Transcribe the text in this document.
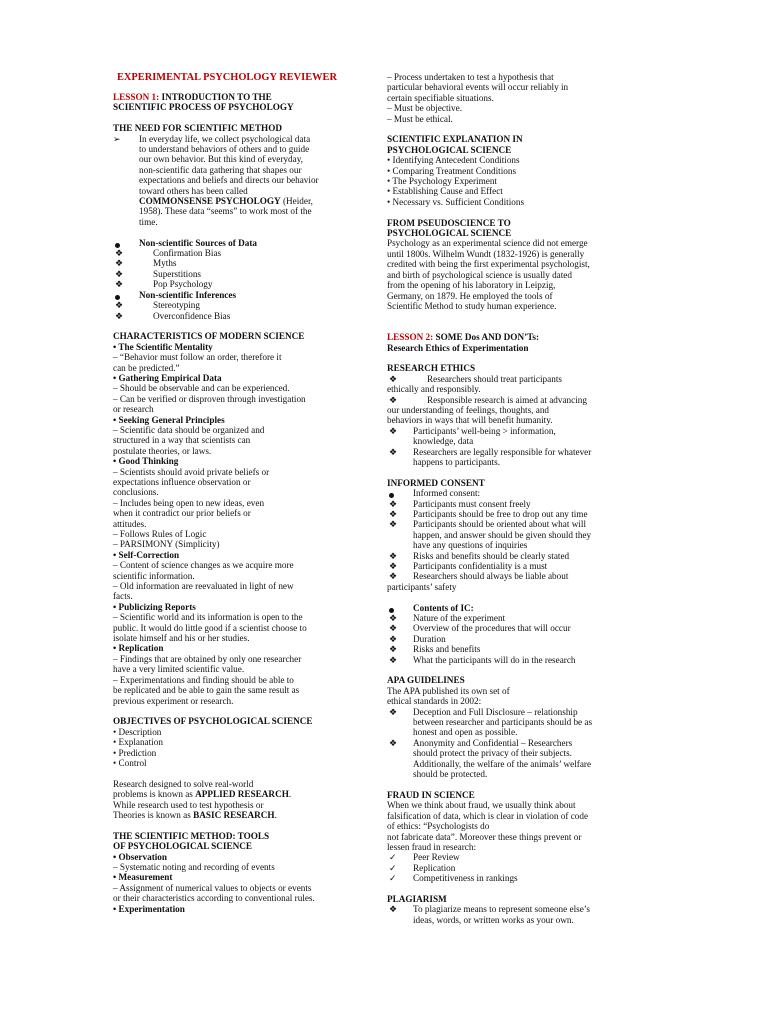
EXPERIMENTAL PSYCHOLOGY REVIEWER
LESSON 1: INTRODUCTION TO THE
SCIENTIFIC PROCESS OF PSYCHOLOGY
THE NEED FOR SCIENTIFIC METHOD
➢	In everyday life, we collect psychological data
to understand behaviors of others and to guide
our own behavior. But this kind of everyday,
non-scientific data gathering that shapes our
expectations and beliefs and directs our behavior
toward others has been called
COMMONSENSE PSYCHOLOGY (Heider,
1958). These data “seems” to work most of the
time.
Non-scientific Sources of Data
❖	Confirmation Bias
❖	Myths
❖	Superstitions
❖	Pop Psychology
Non-scientific Inferences
❖	Stereotyping
❖	Overconfidence Bias
CHARACTERISTICS OF MODERN SCIENCE
• The Scientific Mentality
– “Behavior must follow an order, therefore it
can be predicted.”
• Gathering Empirical Data
– Should be observable and can be experienced.
– Can be verified or disproven through investigation
or research
• Seeking General Principles
– Scientific data should be organized and
structured in a way that scientists can
postulate theories, or laws.
• Good Thinking
– Scientists should avoid private beliefs or
expectations influence observation or
conclusions.
– Includes being open to new ideas, even
when it contradict our prior beliefs or
attitudes.
– Follows Rules of Logic
– PARSIMONY (Simplicity)
• Self-Correction
– Content of science changes as we acquire more
scientific information.
– Old information are reevaluated in light of new
facts.
• Publicizing Reports
– Scientific world and its information is open to the
public. It would do little good if a scientist choose to
isolate himself and his or her studies.
• Replication
– Findings that are obtained by only one researcher
have a very limited scientific value.
– Experimentations and finding should be able to
be replicated and be able to gain the same result as
previous experiment or research.
OBJECTIVES OF PSYCHOLOGICAL SCIENCE
• Description
• Explanation
• Prediction
• Control
Research designed to solve real-world
problems is known as APPLIED RESEARCH.
While research used to test hypothesis or
Theories is known as BASIC RESEARCH.
THE SCIENTIFIC METHOD: TOOLS
OF PSYCHOLOGICAL SCIENCE
• Observation
– Systematic noting and recording of events
• Measurement
– Assignment of numerical values to objects or events
or their characteristics according to conventional rules.
• Experimentation
– Process undertaken to test a hypothesis that
particular behavioral events will occur reliably in
certain specifiable situations.
– Must be objective.
– Must be ethical.
SCIENTIFIC EXPLANATION IN
PSYCHOLOGICAL SCIENCE
• Identifying Antecedent Conditions
• Comparing Treatment Conditions
• The Psychology Experiment
• Establishing Cause and Effect
• Necessary vs. Sufficient Conditions
FROM PSEUDOSCIENCE TO
PSYCHOLOGICAL SCIENCE
Psychology as an experimental science did not emerge
until 1800s. Wilhelm Wundt (1832-1926) is generally
credited with being the first experimental psychologist,
and birth of psychological science is usually dated
from the opening of his laboratory in Leipzig,
Germany, on 1879. He employed the tools of
Scientific Method to study human experience.
LESSON 2: SOME Dos AND DON’Ts:
Research Ethics of Experimentation
RESEARCH ETHICS
❖	Researchers should treat participants
ethically and responsibly.
❖	Responsible research is aimed at advancing
our understanding of feelings, thoughts, and
behaviors in ways that will benefit humanity.
❖	Participants’ well-being > information,
knowledge, data
❖	Researchers are legally responsible for whatever
happens to participants.
INFORMED CONSENT
Informed consent:
❖	Participants must consent freely
❖	Participants should be free to drop out any time
❖	Participants should be oriented about what will
happen, and answer should be given should they
have any questions of inquiries
❖	Risks and benefits should be clearly stated
❖	Participants confidentiality is a must
❖	Researchers should always be liable about
participants’ safety
Contents of IC:
❖	Nature of the experiment
❖	Overview of the procedures that will occur
❖	Duration
❖	Risks and benefits
❖	What the participants will do in the research
APA GUIDELINES
The APA published its own set of
ethical standards in 2002:
❖	Deception and Full Disclosure – relationship
between researcher and participants should be as
honest and open as possible.
❖	Anonymity and Confidential – Researchers
should protect the privacy of their subjects.
Additionally, the welfare of the animals’ welfare
should be protected.
FRAUD IN SCIENCE
When we think about fraud, we usually think about
falsification of data, which is clear in violation of code
of ethics: “Psychologists do
not fabricate data”. Moreover these things prevent or
lessen fraud in research:
✓	Peer Review
✓	Replication
✓	Competitiveness in rankings
PLAGIARISM
❖	To plagiarize means to represent someone else’s
ideas, words, or written works as your own.
